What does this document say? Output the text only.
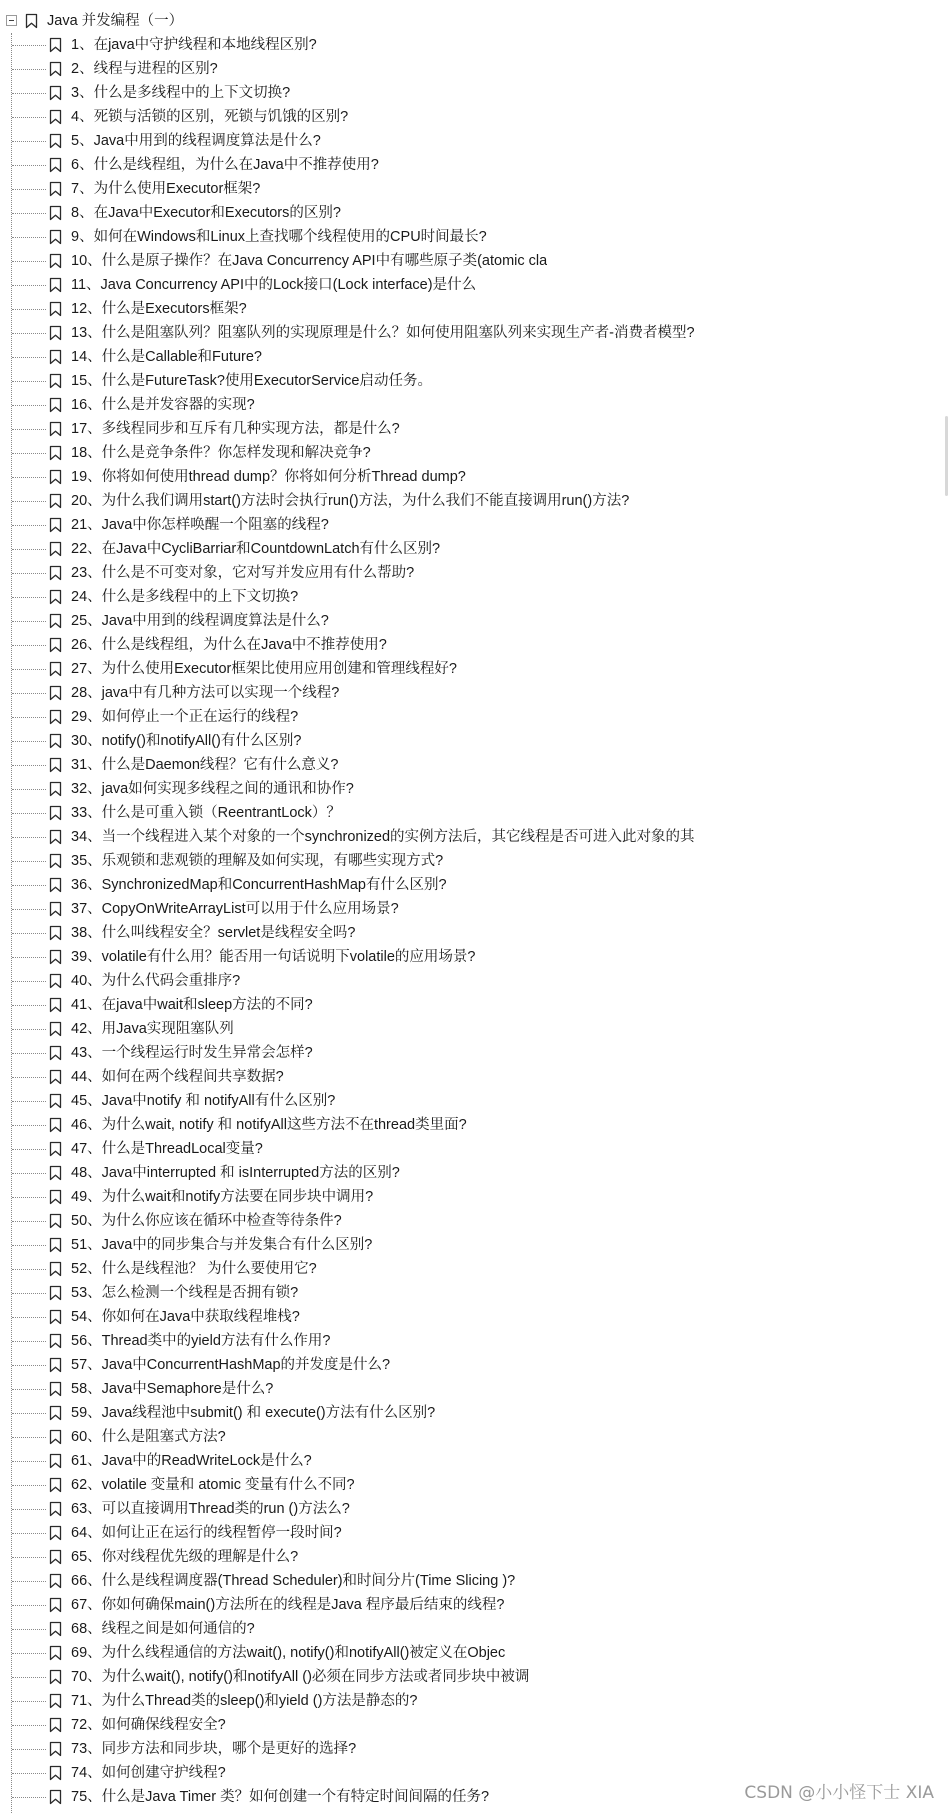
Java 并发编程（一）
1、在java中守护线程和本地线程区别?
2、线程与进程的区别?
3、什么是多线程中的上下文切换?
4、死锁与活锁的区别，死锁与饥饿的区别?
5、Java中用到的线程调度算法是什么?
6、什么是线程组，为什么在Java中不推荐使用?
7、为什么使用Executor框架?
8、在Java中Executor和Executors的区别?
9、如何在Windows和Linux上查找哪个线程使用的CPU时间最长?
10、什么是原子操作？在Java Concurrency API中有哪些原子类(atomic cla
11、Java Concurrency API中的Lock接口(Lock interface)是什么
12、什么是Executors框架?
13、什么是阻塞队列？阻塞队列的实现原理是什么？如何使用阻塞队列来实现生产者-消费者模型?
14、什么是Callable和Future?
15、什么是FutureTask?使用ExecutorService启动任务。
16、什么是并发容器的实现?
17、多线程同步和互斥有几种实现方法，都是什么?
18、什么是竞争条件？你怎样发现和解决竞争?
19、你将如何使用thread dump？你将如何分析Thread dump?
20、为什么我们调用start()方法时会执行run()方法，为什么我们不能直接调用run()方法?
21、Java中你怎样唤醒一个阻塞的线程?
22、在Java中CycliBarriar和CountdownLatch有什么区别?
23、什么是不可变对象，它对写并发应用有什么帮助?
24、什么是多线程中的上下文切换?
25、Java中用到的线程调度算法是什么?
26、什么是线程组，为什么在Java中不推荐使用?
27、为什么使用Executor框架比使用应用创建和管理线程好?
28、java中有几种方法可以实现一个线程?
29、如何停止一个正在运行的线程?
30、notify()和notifyAll()有什么区别?
31、什么是Daemon线程？它有什么意义?
32、java如何实现多线程之间的通讯和协作?
33、什么是可重入锁（ReentrantLock）？
34、当一个线程进入某个对象的一个synchronized的实例方法后，其它线程是否可进入此对象的其
35、乐观锁和悲观锁的理解及如何实现，有哪些实现方式?
36、SynchronizedMap和ConcurrentHashMap有什么区别?
37、CopyOnWriteArrayList可以用于什么应用场景?
38、什么叫线程安全？servlet是线程安全吗?
39、volatile有什么用？能否用一句话说明下volatile的应用场景?
40、为什么代码会重排序?
41、在java中wait和sleep方法的不同?
42、用Java实现阻塞队列
43、一个线程运行时发生异常会怎样?
44、如何在两个线程间共享数据?
45、Java中notify 和 notifyAll有什么区别?
46、为什么wait, notify 和 notifyAll这些方法不在thread类里面?
47、什么是ThreadLocal变量?
48、Java中interrupted 和 isInterrupted方法的区别?
49、为什么wait和notify方法要在同步块中调用?
50、为什么你应该在循环中检查等待条件?
51、Java中的同步集合与并发集合有什么区别?
52、什么是线程池？ 为什么要使用它?
53、怎么检测一个线程是否拥有锁?
54、你如何在Java中获取线程堆栈?
56、Thread类中的yield方法有什么作用?
57、Java中ConcurrentHashMap的并发度是什么?
58、Java中Semaphore是什么?
59、Java线程池中submit() 和 execute()方法有什么区别?
60、什么是阻塞式方法?
61、Java中的ReadWriteLock是什么?
62、volatile 变量和 atomic 变量有什么不同?
63、可以直接调用Thread类的run ()方法么?
64、如何让正在运行的线程暂停一段时间?
65、你对线程优先级的理解是什么?
66、什么是线程调度器(Thread Scheduler)和时间分片(Time Slicing )?
67、你如何确保main()方法所在的线程是Java 程序最后结束的线程?
68、线程之间是如何通信的?
69、为什么线程通信的方法wait(), notify()和notifyAll()被定义在Objec
70、为什么wait(), notify()和notifyAll ()必须在同步方法或者同步块中被调
71、为什么Thread类的sleep()和yield ()方法是静态的?
72、如何确保线程安全?
73、同步方法和同步块，哪个是更好的选择?
74、如何创建守护线程?
75、什么是Java Timer 类？如何创建一个有特定时间间隔的任务?	CSDN @小小怪下士 XIA
